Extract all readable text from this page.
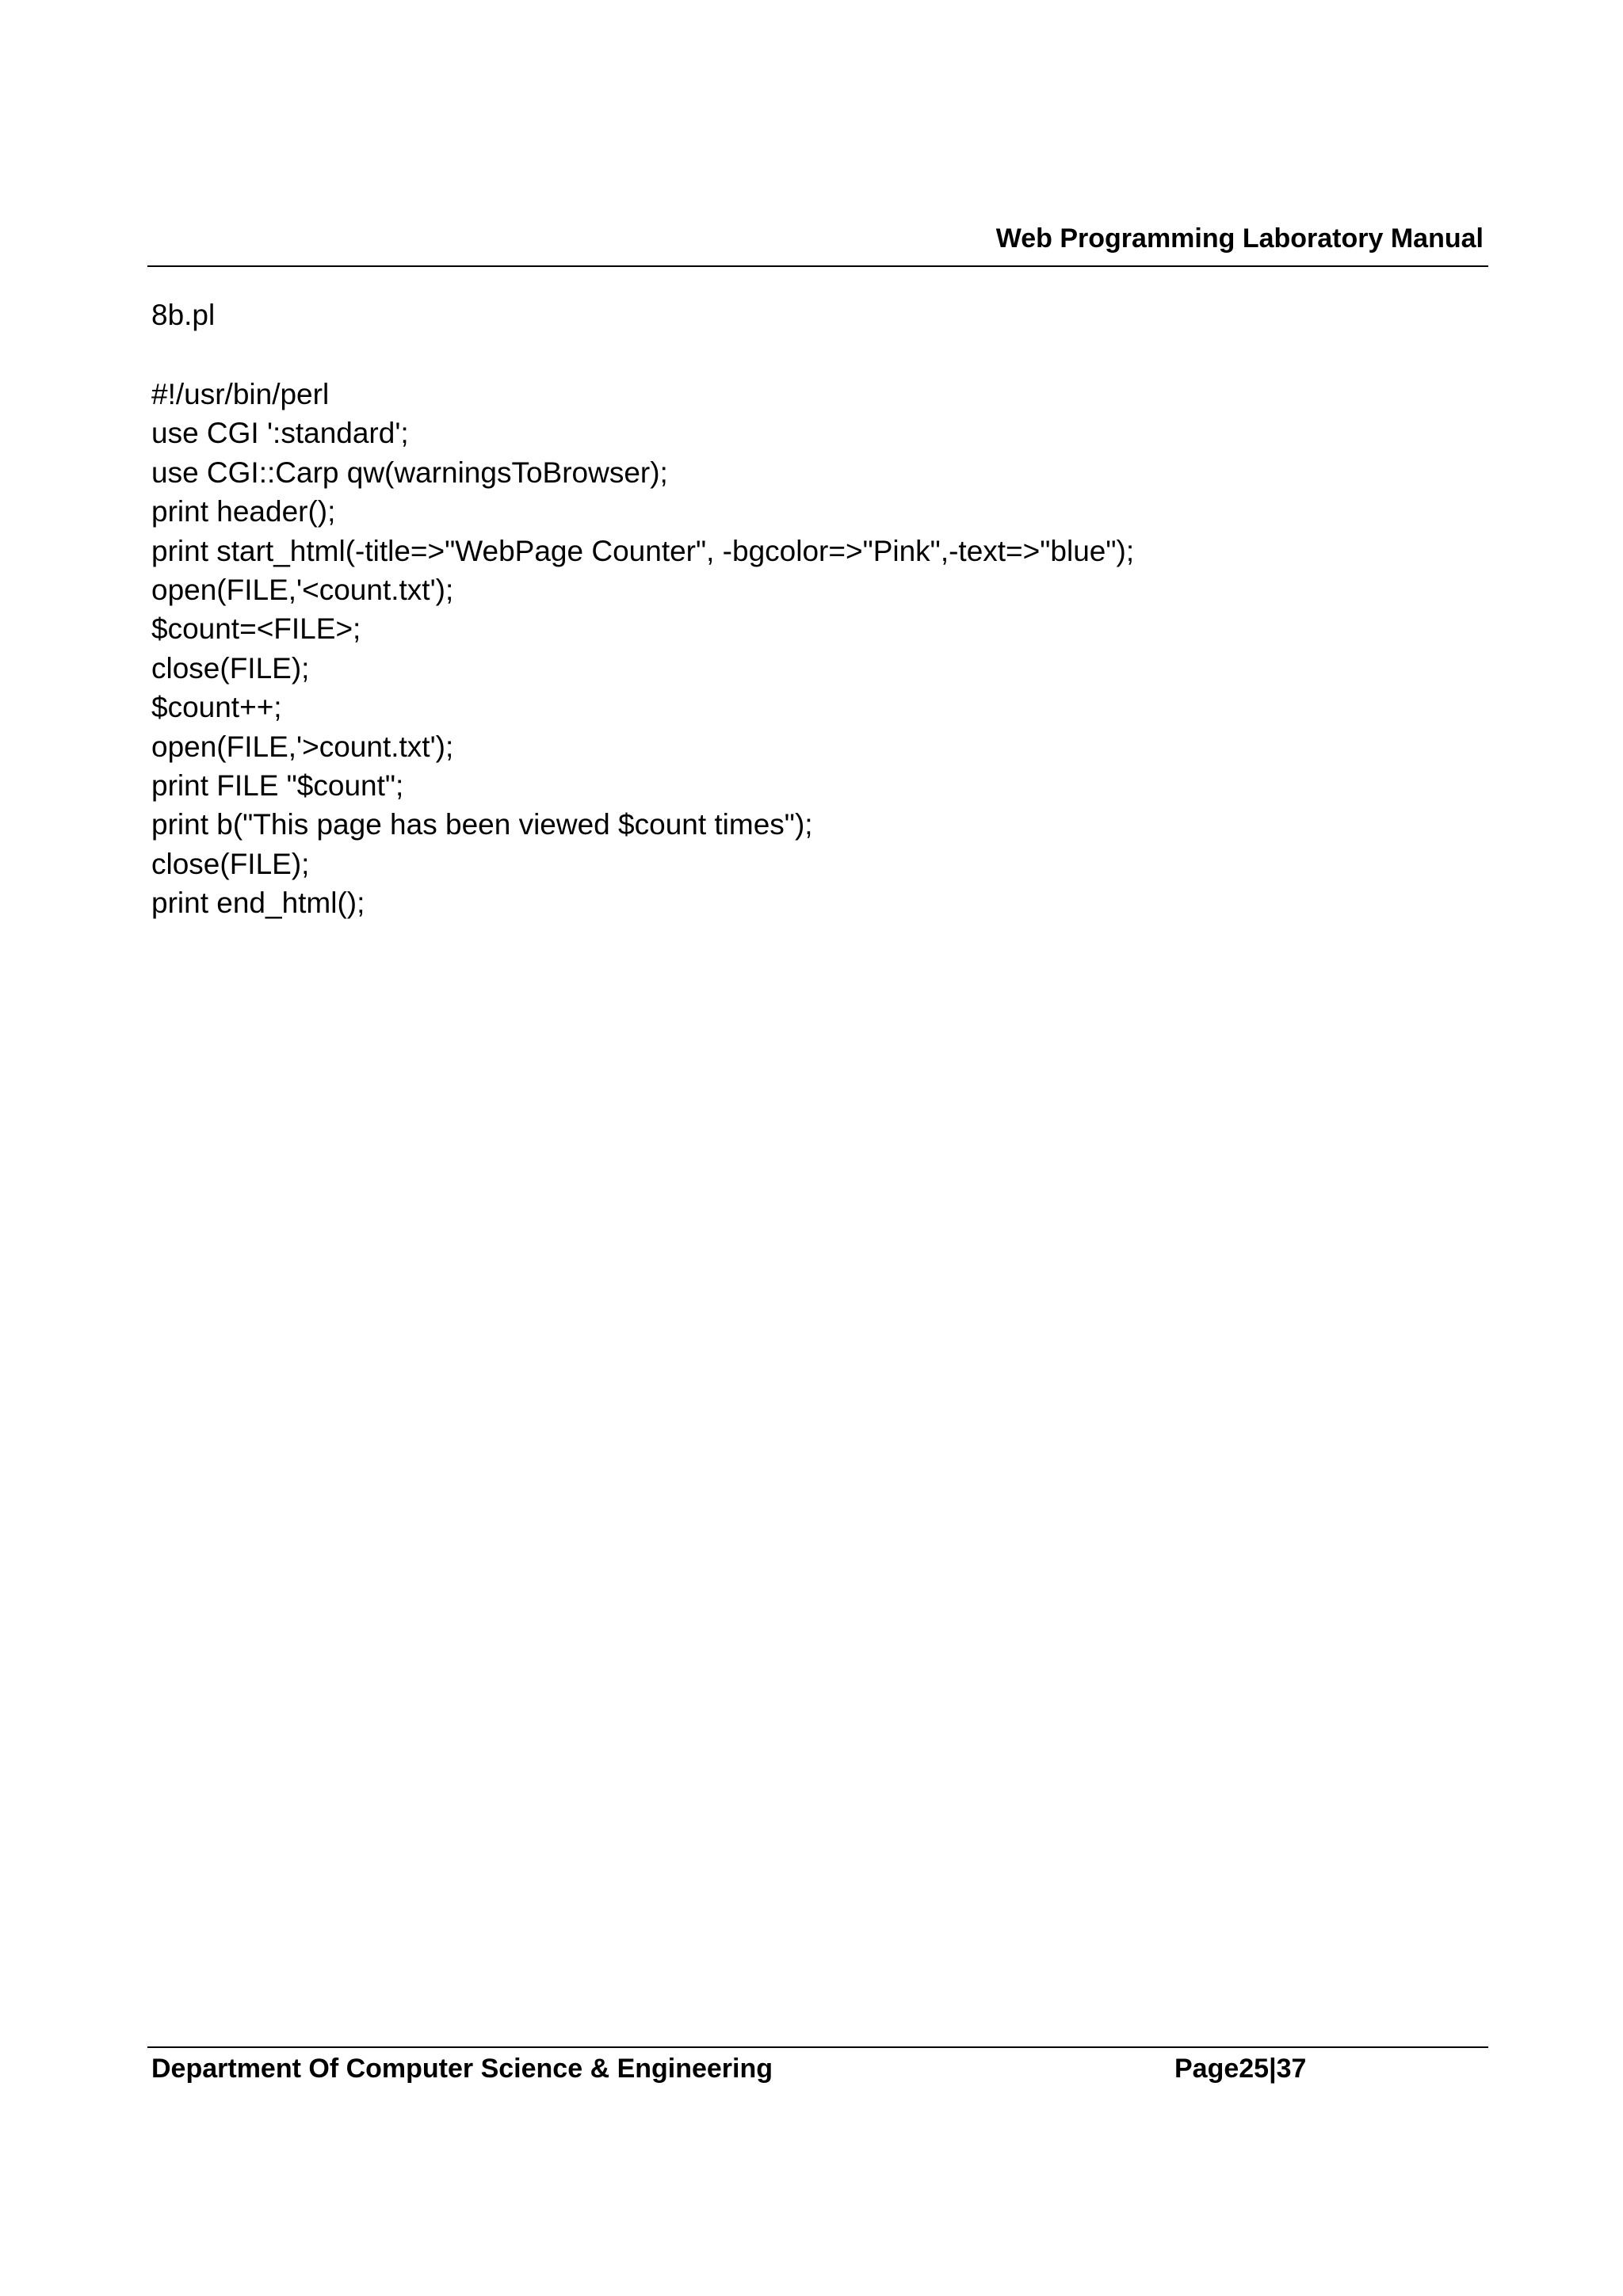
Web Programming Laboratory Manual
8b.pl
#!/usr/bin/perl
use CGI ':standard';
use CGI::Carp qw(warningsToBrowser);
print header();
print start_html(-title=>"WebPage Counter", -bgcolor=>"Pink",-text=>"blue");
open(FILE,'<count.txt');
$count=<FILE>;
close(FILE);
$count++;
open(FILE,'>count.txt');
print FILE "$count";
print b("This page has been viewed $count times");
close(FILE);
print end_html();
Department Of Computer Science & Engineering	Page25|37
